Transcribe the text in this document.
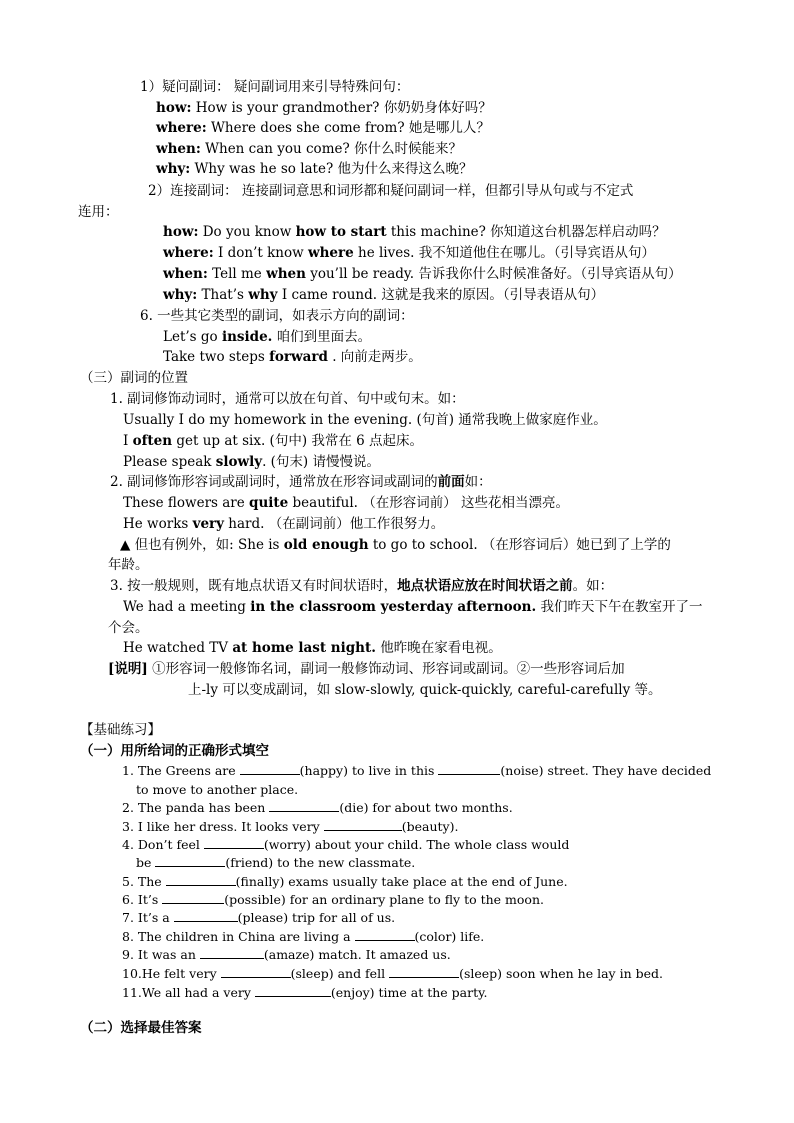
1）疑问副词： 疑问副词用来引导特殊问句：
how: How is your grandmother? 你奶奶身体好吗？
where: Where does she come from? 她是哪儿人？
when: When can you come? 你什么时候能来？
why: Why was he so late? 他为什么来得这么晚？
2）连接副词： 连接副词意思和词形都和疑问副词一样，但都引导从句或与不定式
连用：
how: Do you know how to start this machine? 你知道这台机器怎样启动吗？
where: I don’t know where he lives. 我不知道他住在哪儿。（引导宾语从句）
when: Tell me when you’ll be ready. 告诉我你什么时候准备好。（引导宾语从句）
why: That’s why I came round. 这就是我来的原因。（引导表语从句）
6. 一些其它类型的副词，如表示方向的副词：
Let’s go inside. 咱们到里面去。
Take two steps forward . 向前走两步。
（三）副词的位置
1. 副词修饰动词时，通常可以放在句首、句中或句末。如：
Usually I do my homework in the evening. (句首) 通常我晚上做家庭作业。
I often get up at six. (句中) 我常在 6 点起床。
Please speak slowly. (句末) 请慢慢说。
2. 副词修饰形容词或副词时，通常放在形容词或副词的前面如：
These flowers are quite beautiful. （在形容词前） 这些花相当漂亮。
He works very hard. （在副词前）他工作很努力。
▲ 但也有例外，如: She is old enough to go to school. （在形容词后）她已到了上学的
年龄。
3. 按一般规则，既有地点状语又有时间状语时，地点状语应放在时间状语之前。如：
We had a meeting in the classroom yesterday afternoon. 我们昨天下午在教室开了一
个会。
He watched TV at home last night. 他昨晚在家看电视。
[说明] ①形容词一般修饰名词，副词一般修饰动词、形容词或副词。②一些形容词后加
上-ly 可以变成副词，如 slow-slowly, quick-quickly, careful-carefully 等。
【基础练习】
（一）用所给词的正确形式填空
1. The Greens are	(happy) to live in this	(noise) street. They have decided
to move to another place.
2. The panda has been	(die) for about two months.
3. I like her dress. It looks very	(beauty).
4. Don’t feel	(worry) about your child. The whole class would
be	(friend) to the new classmate.
5. The	(finally) exams usually take place at the end of June.
6. It’s	(possible) for an ordinary plane to fly to the moon.
7. It’s a	(please) trip for all of us.
8. The children in China are living a	(color) life.
9. It was an	(amaze) match. It amazed us.
10.He felt very	(sleep) and fell	(sleep) soon when he lay in bed.
11.We all had a very	(enjoy) time at the party.
（二）选择最佳答案
